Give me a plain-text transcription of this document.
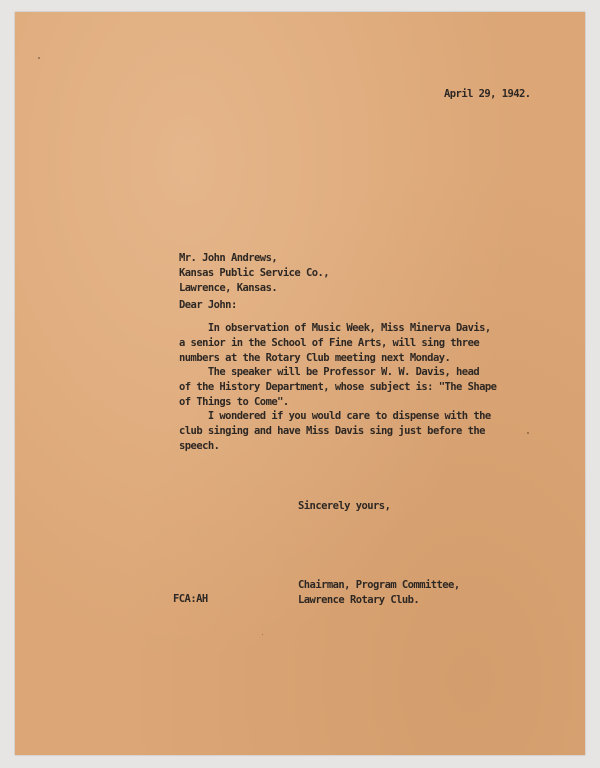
April 29, 1942.
Mr. John Andrews,
Kansas Public Service Co.,
Lawrence, Kansas.
Dear John:
In observation of Music Week, Miss Minerva Davis,
a senior in the School of Fine Arts, will sing three
numbers at the Rotary Club meeting next Monday.
The speaker will be Professor W. W. Davis, head
of the History Department, whose subject is: "The Shape
of Things to Come".
I wondered if you would care to dispense with the
club singing and have Miss Davis sing just before the
speech.
Sincerely yours,
Chairman, Program Committee,
Lawrence Rotary Club.
FCA:AH
